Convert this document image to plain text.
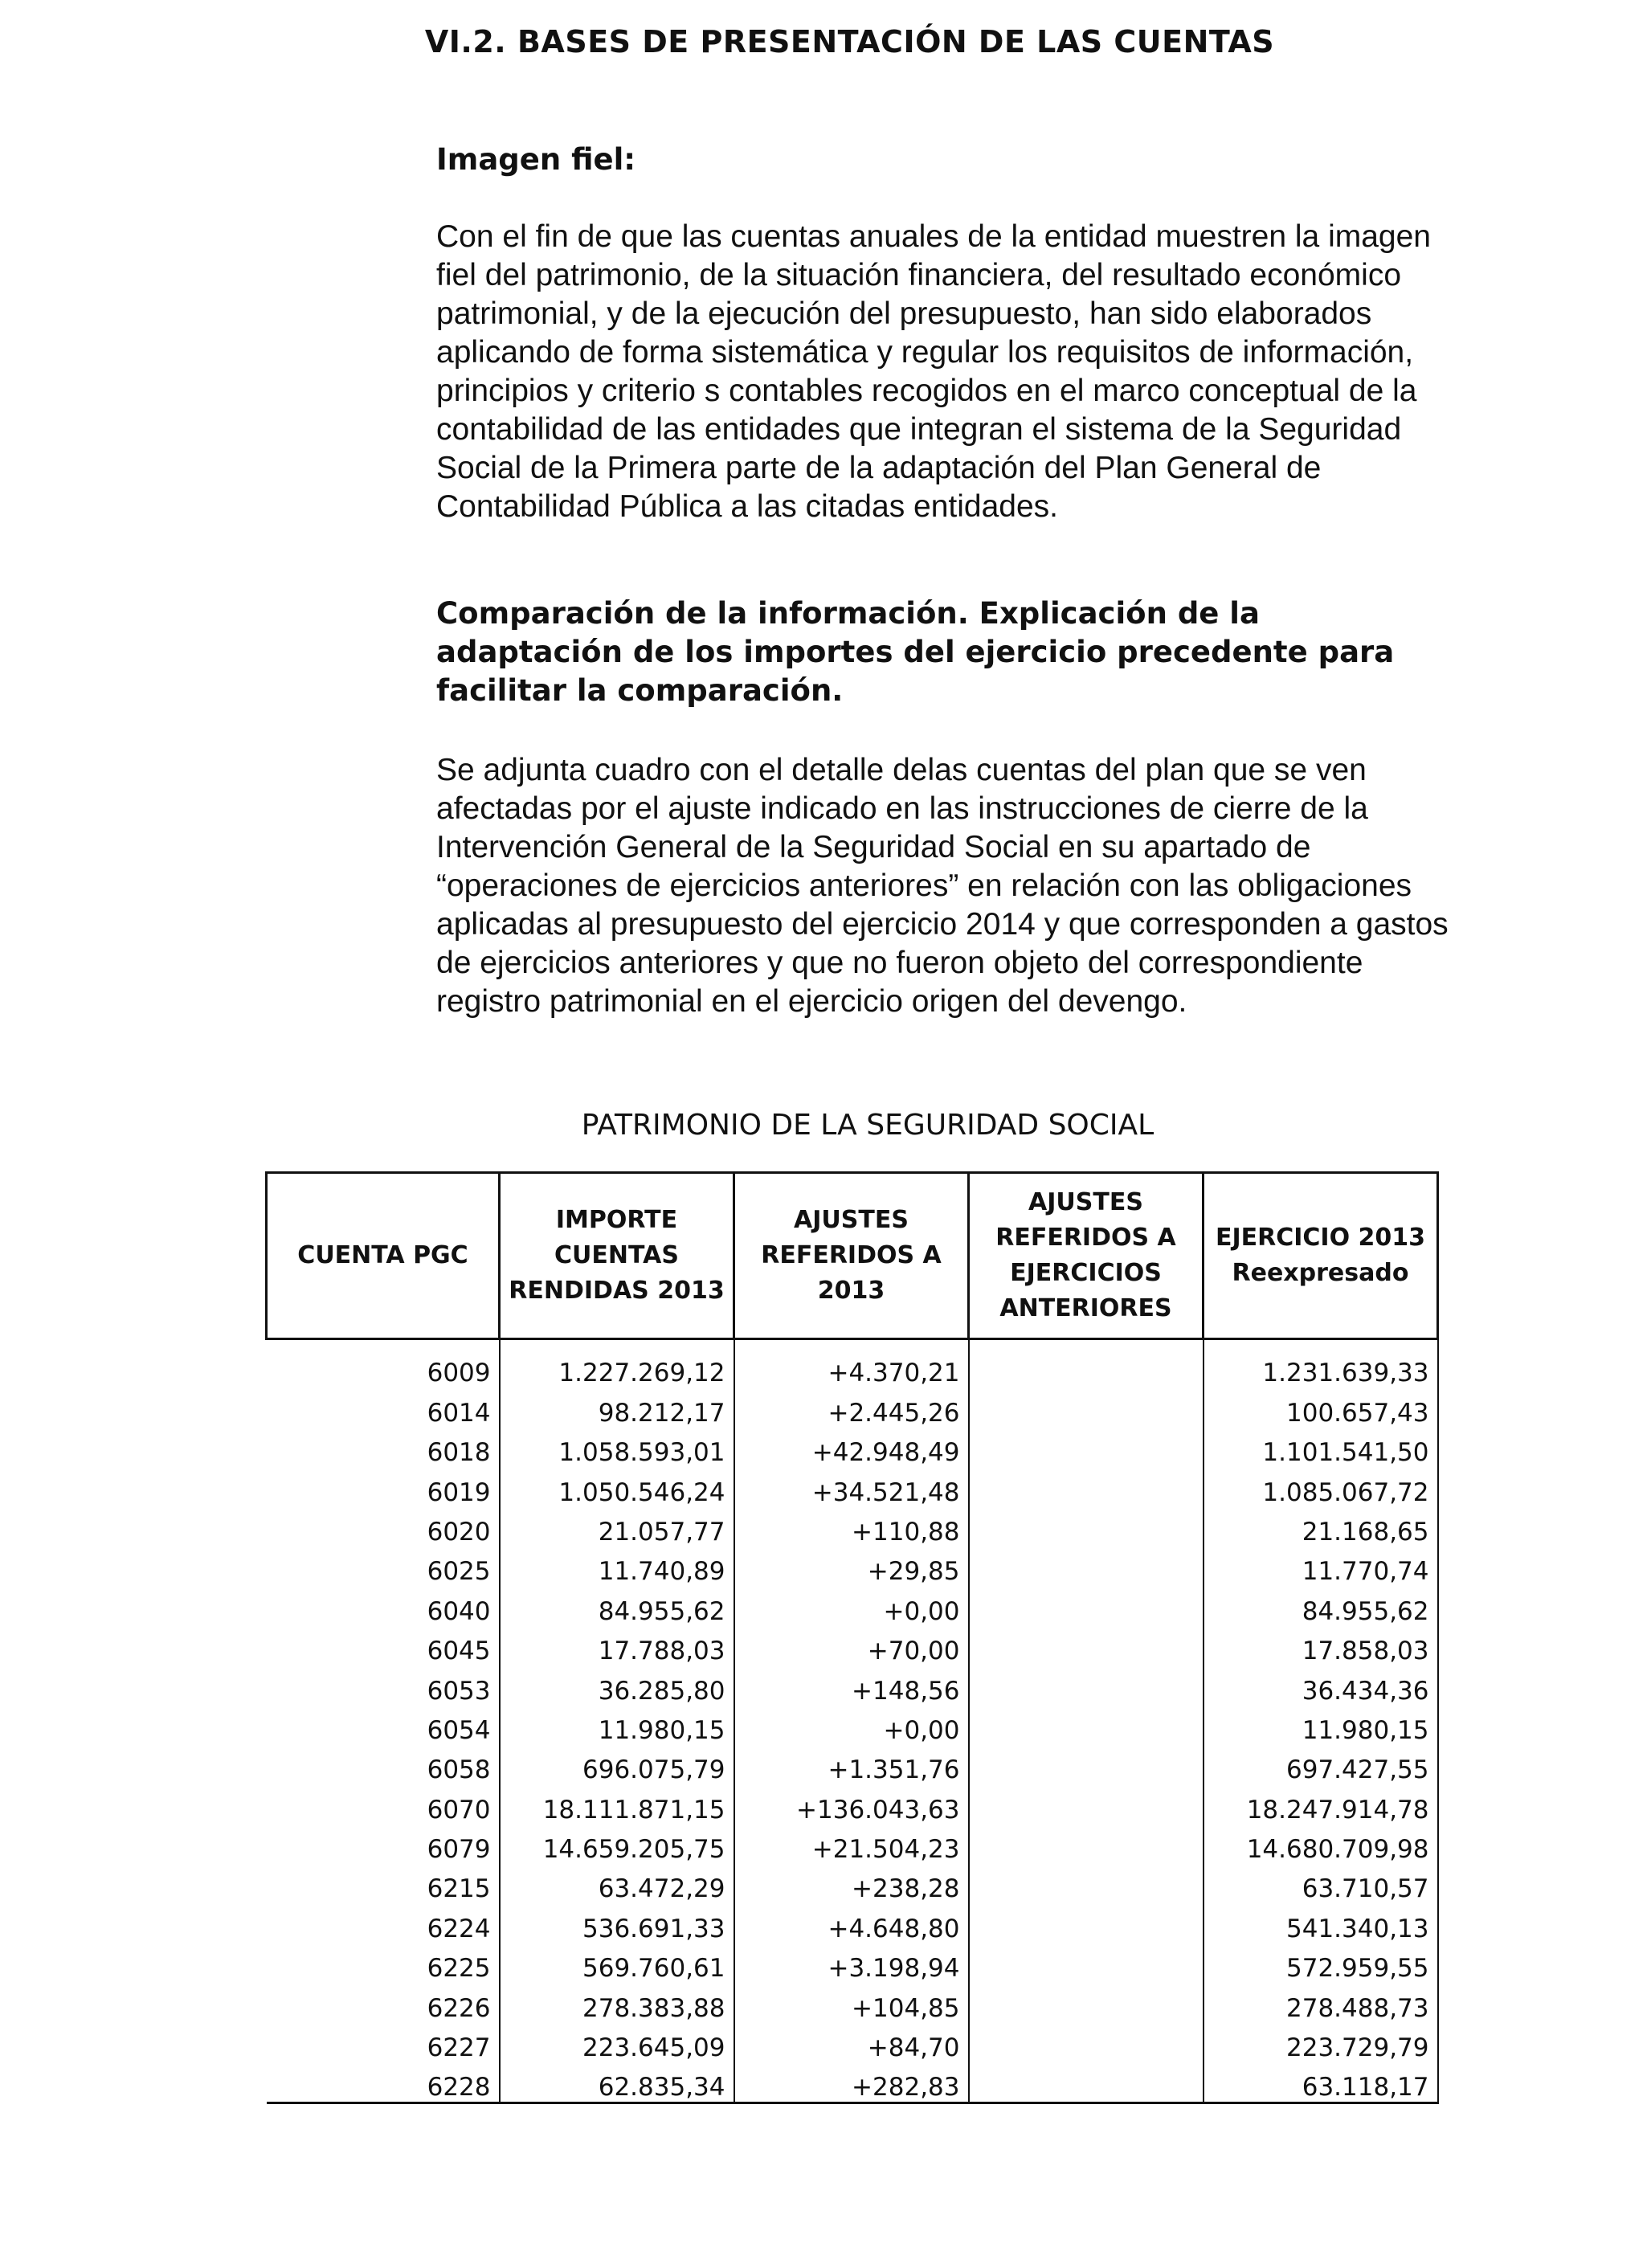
VI.2. BASES DE PRESENTACIÓN DE LAS CUENTAS

Imagen fiel:

Con el fin de que las cuentas anuales de la entidad muestren la imagen fiel del patrimonio, de la situación financiera, del resultado económico patrimonial, y de la ejecución del presupuesto, han sido elaborados aplicando de forma sistemática y regular los requisitos de información, principios y criterio s contables recogidos en el marco conceptual de la contabilidad de las entidades que integran el sistema de la Seguridad Social de la Primera parte de la adaptación del Plan General de Contabilidad Pública a las citadas entidades.

Comparación de la información. Explicación de la adaptación de los importes del ejercicio precedente para facilitar la comparación.

Se adjunta cuadro con el detalle delas cuentas del plan que se ven afectadas por el ajuste indicado en las instrucciones de cierre de la Intervención General de la Seguridad Social en su apartado de “operaciones de ejercicios anteriores” en relación con las obligaciones aplicadas al presupuesto del ejercicio 2014 y que corresponden a gastos de ejercicios anteriores y que no fueron objeto del correspondiente registro patrimonial en el ejercicio origen del devengo.

PATRIMONIO DE LA SEGURIDAD SOCIAL
CUENTA PGC	IMPORTE CUENTAS RENDIDAS 2013	AJUSTES REFERIDOS A 2013	AJUSTES REFERIDOS A EJERCICIOS ANTERIORES	EJERCICIO 2013 Reexpresado
6009	1.227.269,12	+4.370,21		1.231.639,33
6014	98.212,17	+2.445,26		100.657,43
6018	1.058.593,01	+42.948,49		1.101.541,50
6019	1.050.546,24	+34.521,48		1.085.067,72
6020	21.057,77	+110,88		21.168,65
6025	11.740,89	+29,85		11.770,74
6040	84.955,62	+0,00		84.955,62
6045	17.788,03	+70,00		17.858,03
6053	36.285,80	+148,56		36.434,36
6054	11.980,15	+0,00		11.980,15
6058	696.075,79	+1.351,76		697.427,55
6070	18.111.871,15	+136.043,63		18.247.914,78
6079	14.659.205,75	+21.504,23		14.680.709,98
6215	63.472,29	+238,28		63.710,57
6224	536.691,33	+4.648,80		541.340,13
6225	569.760,61	+3.198,94		572.959,55
6226	278.383,88	+104,85		278.488,73
6227	223.645,09	+84,70		223.729,79
6228	62.835,34	+282,83		63.118,17
